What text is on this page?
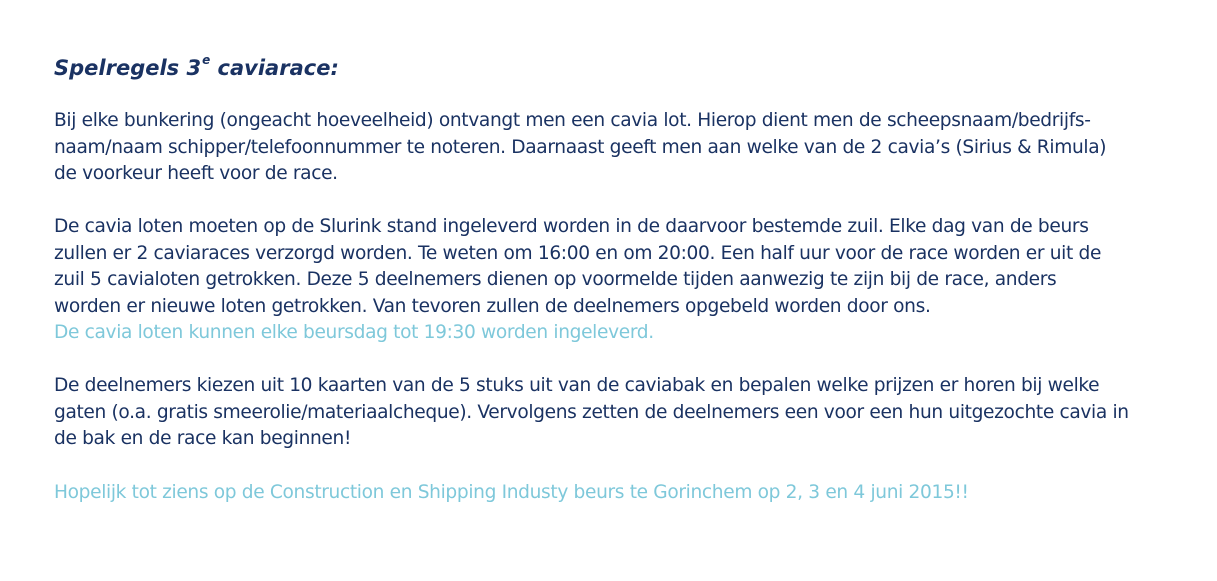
Spelregels 3e caviarace:

Bij elke bunkering (ongeacht hoeveelheid) ontvangt men een cavia lot. Hierop dient men de scheepsnaam/bedrijfs-
naam/naam schipper/telefoonnummer te noteren. Daarnaast geeft men aan welke van de 2 cavia’s (Sirius & Rimula)
de voorkeur heeft voor de race.

De cavia loten moeten op de Slurink stand ingeleverd worden in de daarvoor bestemde zuil. Elke dag van de beurs
zullen er 2 caviaraces verzorgd worden. Te weten om 16:00 en om 20:00. Een half uur voor de race worden er uit de
zuil 5 cavialoten getrokken. Deze 5 deelnemers dienen op voormelde tijden aanwezig te zijn bij de race, anders
worden er nieuwe loten getrokken. Van tevoren zullen de deelnemers opgebeld worden door ons.
De cavia loten kunnen elke beursdag tot 19:30 worden ingeleverd.

De deelnemers kiezen uit 10 kaarten van de 5 stuks uit van de caviabak en bepalen welke prijzen er horen bij welke
gaten (o.a. gratis smeerolie/materiaalcheque). Vervolgens zetten de deelnemers een voor een hun uitgezochte cavia in
de bak en de race kan beginnen!

Hopelijk tot ziens op de Construction en Shipping Industy beurs te Gorinchem op 2, 3 en 4 juni 2015!!
